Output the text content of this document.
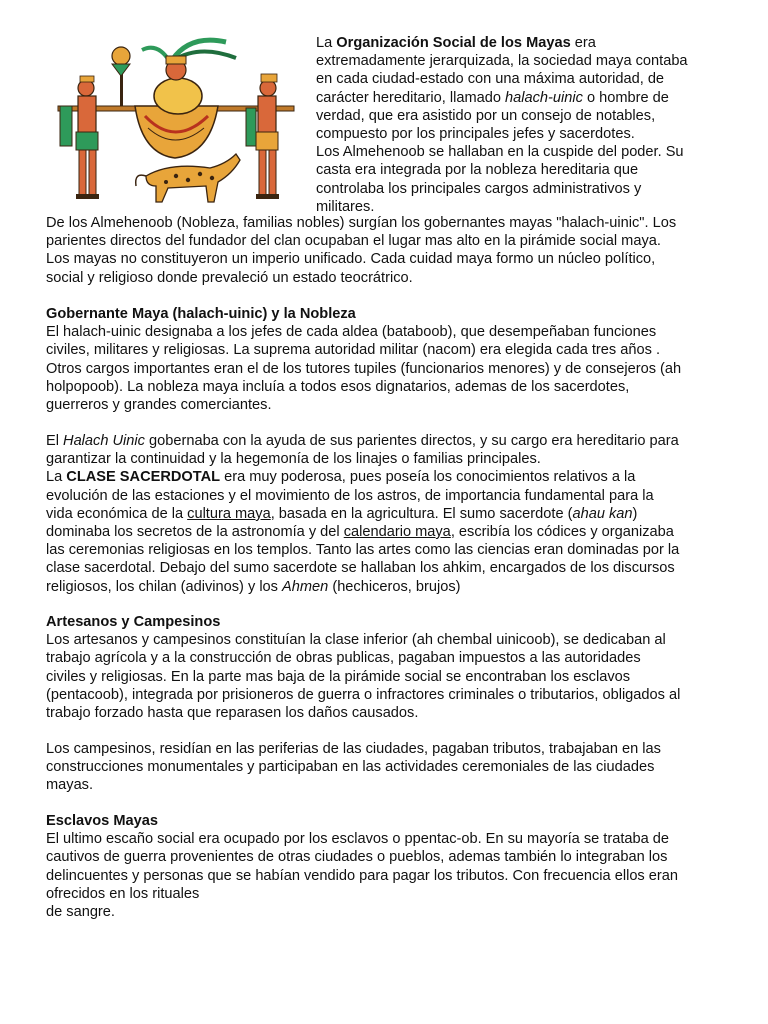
La Organización Social de los Mayas era
extremadamente jerarquizada, la sociedad maya contaba
en cada ciudad-estado con una máxima autoridad, de
carácter hereditario, llamado halach-uinic o hombre de
verdad, que era asistido por un consejo de notables,
compuesto por los principales jefes y sacerdotes.
Los Almehenoob se hallaban en la cuspide del poder. Su
casta era integrada por la nobleza hereditaria que
controlaba los principales cargos administrativos y
militares.

De los Almehenoob (Nobleza, familias nobles) surgían los gobernantes mayas "halach-uinic". Los
parientes directos del fundador del clan ocupaban el lugar mas alto en la pirámide social maya.
Los mayas no constituyeron un imperio unificado. Cada cuidad maya formo un núcleo político,
social y religioso donde prevaleció un estado teocrátrico.

Gobernante Maya (halach-uinic) y la Nobleza
El halach-uinic designaba a los jefes de cada aldea (bataboob), que desempeñaban funciones
civiles, militares y religiosas. La suprema autoridad militar (nacom) era elegida cada tres años .
Otros cargos importantes eran el de los tutores tupiles (funcionarios menores) y de consejeros (ah
holpopoob). La nobleza maya incluía a todos esos dignatarios, ademas de los sacerdotes,
guerreros y grandes comerciantes.

El Halach Uinic gobernaba con la ayuda de sus parientes directos, y su cargo era hereditario para
garantizar la continuidad y la hegemonía de los linajes o familias principales.
La CLASE SACERDOTAL era muy poderosa, pues poseía los conocimientos relativos a la
evolución de las estaciones y el movimiento de los astros, de importancia fundamental para la
vida económica de la cultura maya, basada en la agricultura. El sumo sacerdote (ahau kan)
dominaba los secretos de la astronomía y del calendario maya, escribía los códices y organizaba
las ceremonias religiosas en los templos. Tanto las artes como las ciencias eran dominadas por la
clase sacerdotal. Debajo del sumo sacerdote se hallaban los ahkim, encargados de los discursos
religiosos, los chilan (adivinos) y los Ahmen (hechiceros, brujos)

Artesanos y Campesinos
Los artesanos y campesinos constituían la clase inferior (ah chembal uinicoob), se dedicaban al
trabajo agrícola y a la construcción de obras publicas, pagaban impuestos a las autoridades
civiles y religiosas. En la parte mas baja de la pirámide social se encontraban los esclavos
(pentacoob), integrada por prisioneros de guerra o infractores criminales o tributarios, obligados al
trabajo forzado hasta que reparasen los daños causados.

Los campesinos, residían en las periferias de las ciudades, pagaban tributos, trabajaban en las
construcciones monumentales y participaban en las actividades ceremoniales de las ciudades
mayas.

Esclavos Mayas
El ultimo escaño social era ocupado por los esclavos o ppentac-ob. En su mayoría se trataba de
cautivos de guerra provenientes de otras ciudades o pueblos, ademas también lo integraban los
delincuentes y personas que se habían vendido para pagar los tributos. Con frecuencia ellos eran
ofrecidos en los rituales
de sangre.
